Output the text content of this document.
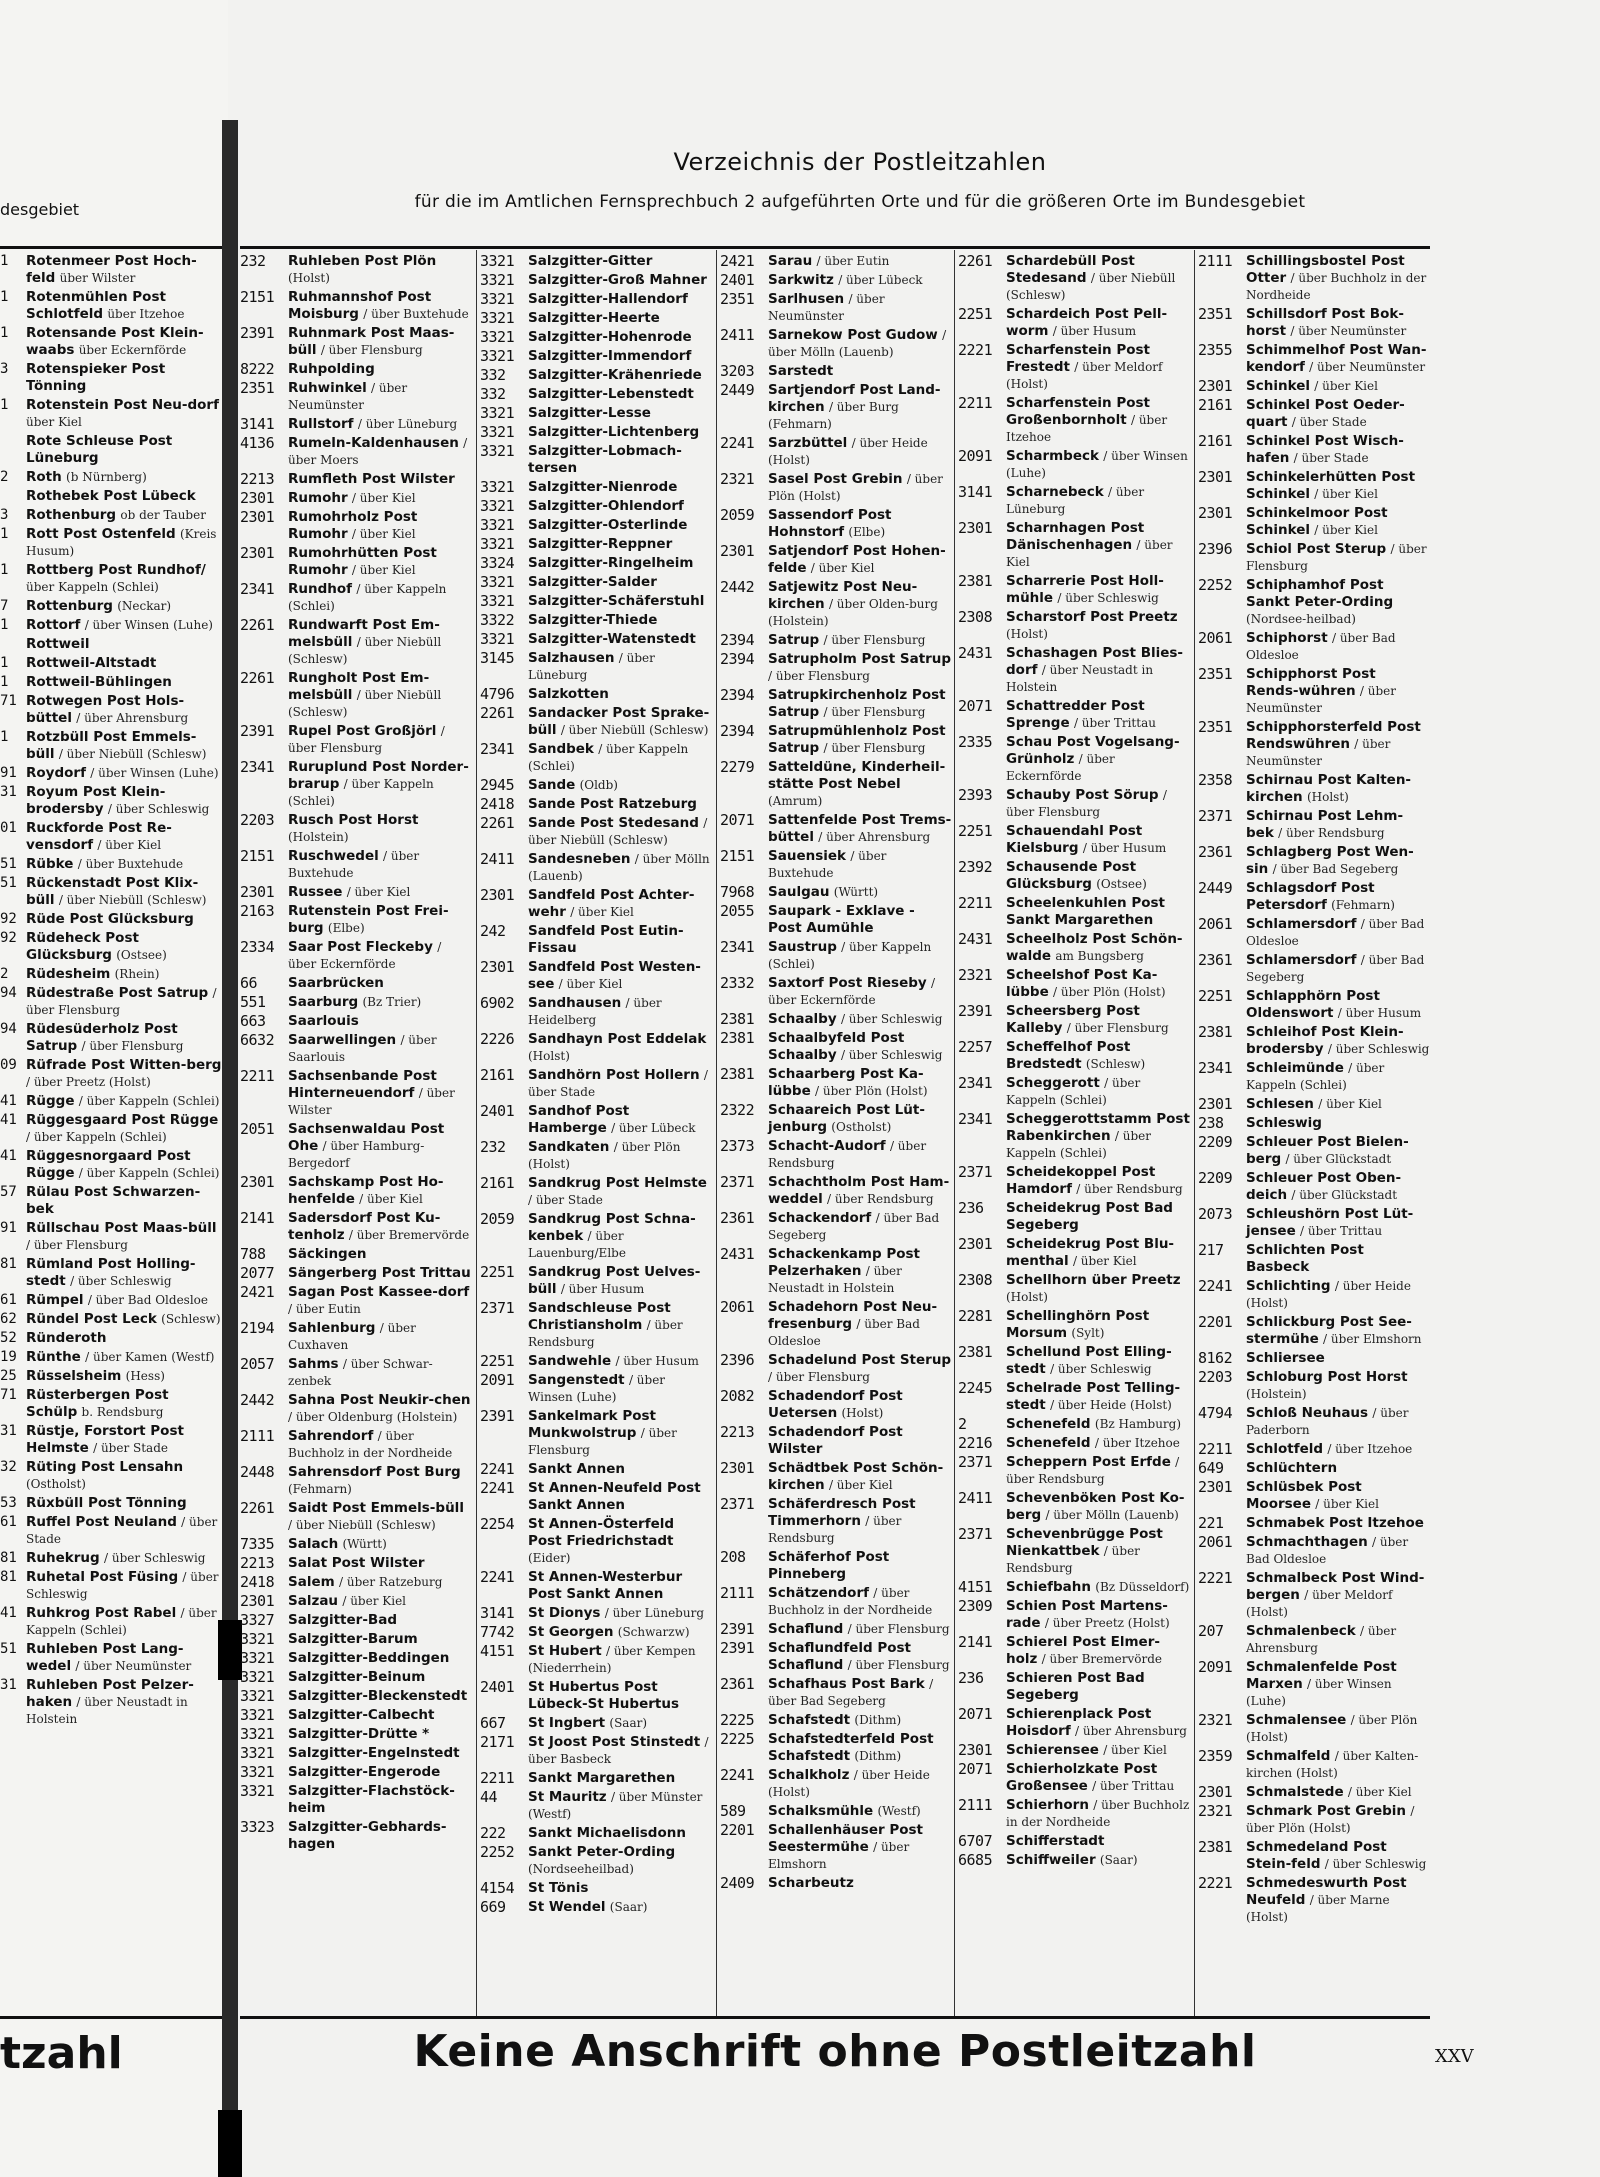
desgebiet
1	Rotenmeer Post Hoch-feld über Wilster
1	Rotenmühlen Post Schlotfeld über Itzehoe
1	Rotensande Post Klein-waabs über Eckernförde
3	Rotenspieker Post Tönning
1	Rotenstein Post Neu-dorf über Kiel
Rote Schleuse Post Lüneburg
2	Roth (b Nürnberg)
Rothebek Post Lübeck
3	Rothenburg ob der Tauber
1	Rott Post Ostenfeld (Kreis Husum)
1	Rottberg Post Rundhof/ über Kappeln (Schlei)
7	Rottenburg (Neckar)
1	Rottorf / über Winsen (Luhe)
Rottweil
1	Rottweil-Altstadt
1	Rottweil-Bühlingen
71 Rotwegen Post Hols-büttel / über Ahrensburg
1	Rotzbüll Post Emmels-büll / über Niebüll (Schlesw)
91 Roydorf / über Winsen (Luhe)
31 Royum Post Klein-brodersby / über Schleswig
01 Ruckforde Post Re-vensdorf / über Kiel
51 Rübke / über Buxtehude
51 Rückenstadt Post Klix-büll / über Niebüll (Schlesw)
92 Rüde Post Glücksburg
92 Rüdeheck Post Glücksburg (Ostsee)
2	Rüdesheim (Rhein)
94 Rüdestraße Post Satrup / über Flensburg
94 Rüdesüderholz Post Satrup / über Flensburg
09 Rüfrade Post Witten-berg / über Preetz (Holst)
41 Rügge / über Kappeln (Schlei)
41 Rüggesgaard Post Rügge / über Kappeln (Schlei)
41 Rüggesnorgaard Post Rügge / über Kappeln (Schlei)
57 Rülau Post Schwarzen-bek
91 Rüllschau Post Maas-büll / über Flensburg
81 Rümland Post Holling-stedt / über Schleswig
61 Rümpel / über Bad Oldesloe
62 Ründel Post Leck (Schlesw)
52 Ründeroth
19 Rünthe / über Kamen (Westf)
25 Rüsselsheim (Hess)
71 Rüsterbergen Post Schülp b. Rendsburg
31 Rüstje, Forstort Post Helmste / über Stade
32 Rüting Post Lensahn (Ostholst)
53 Rüxbüll Post Tönning
61 Ruffel Post Neuland / über Stade
81 Ruhekrug / über Schleswig
81 Ruhetal Post Füsing / über Schleswig
41 Ruhkrog Post Rabel / über Kappeln (Schlei)
51 Ruhleben Post Lang-wedel / über Neumünster
31 Ruhleben Post Pelzer-haken / über Neustadt in Holstein
tzahl
Verzeichnis der Postleitzahlen
für die im Amtlichen Fernsprechbuch 2 aufgeführten Orte und für die größeren Orte im Bundesgebiet
232	Ruhleben Post Plön (Holst)
2151	Ruhmannshof Post Moisburg / über Buxtehude
2391	Ruhnmark Post Maas-büll / über Flensburg
8222	Ruhpolding
2351	Ruhwinkel / über Neumünster
3141	Rullstorf / über Lüneburg
4136	Rumeln-Kaldenhausen / über Moers
2213	Rumfleth Post Wilster
2301	Rumohr / über Kiel
2301	Rumohrholz Post Rumohr / über Kiel
2301	Rumohrhütten Post Rumohr / über Kiel
2341	Rundhof / über Kappeln (Schlei)
2261	Rundwarft Post Em-melsbüll / über Niebüll (Schlesw)
2261	Rungholt Post Em-melsbüll / über Niebüll (Schlesw)
2391	Rupel Post Großjörl / über Flensburg
2341	Ruruplund Post Norder-brarup / über Kappeln (Schlei)
2203	Rusch Post Horst (Holstein)
2151	Ruschwedel / über Buxtehude
2301	Russee / über Kiel
2163	Rutenstein Post Frei-burg (Elbe)
2334	Saar Post Fleckeby / über Eckernförde
66	Saarbrücken
551	Saarburg (Bz Trier)
663	Saarlouis
6632	Saarwellingen / über Saarlouis
2211	Sachsenbande Post Hinterneuendorf / über Wilster
2051	Sachsenwaldau Post Ohe / über Hamburg-Bergedorf
2301	Sachskamp Post Ho-henfelde / über Kiel
2141	Sadersdorf Post Ku-tenholz / über Bremervörde
788	Säckingen
2077	Sängerberg Post Trittau
2421	Sagan Post Kassee-dorf / über Eutin
2194	Sahlenburg / über Cuxhaven
2057	Sahms / über Schwar-zenbek
2442	Sahna Post Neukir-chen / über Oldenburg (Holstein)
2111	Sahrendorf / über Buchholz in der Nordheide
2448	Sahrensdorf Post Burg (Fehmarn)
2261	Saidt Post Emmels-büll / über Niebüll (Schlesw)
7335	Salach (Württ)
2213	Salat Post Wilster
2418	Salem / über Ratzeburg
2301	Salzau / über Kiel
3327	Salzgitter-Bad
3321	Salzgitter-Barum
3321	Salzgitter-Beddingen
3321	Salzgitter-Beinum
3321	Salzgitter-Bleckenstedt
3321	Salzgitter-Calbecht
3321	Salzgitter-Drütte *
3321	Salzgitter-Engelnstedt
3321	Salzgitter-Engerode
3321	Salzgitter-Flachstöck-heim
3323	Salzgitter-Gebhards-hagen
3321	Salzgitter-Gitter
3321	Salzgitter-Groß Mahner
3321	Salzgitter-Hallendorf
3321	Salzgitter-Heerte
3321	Salzgitter-Hohenrode
3321	Salzgitter-Immendorf
332	Salzgitter-Krähenriede
332	Salzgitter-Lebenstedt
3321	Salzgitter-Lesse
3321	Salzgitter-Lichtenberg
3321	Salzgitter-Lobmach-tersen
3321	Salzgitter-Nienrode
3321	Salzgitter-Ohlendorf
3321	Salzgitter-Osterlinde
3321	Salzgitter-Reppner
3324	Salzgitter-Ringelheim
3321	Salzgitter-Salder
3321	Salzgitter-Schäferstuhl
3322	Salzgitter-Thiede
3321	Salzgitter-Watenstedt
3145	Salzhausen / über Lüneburg
4796	Salzkotten
2261	Sandacker Post Sprake-büll / über Niebüll (Schlesw)
2341	Sandbek / über Kappeln (Schlei)
2945	Sande (Oldb)
2418	Sande Post Ratzeburg
2261	Sande Post Stedesand / über Niebüll (Schlesw)
2411	Sandesneben / über Mölln (Lauenb)
2301	Sandfeld Post Achter-wehr / über Kiel
242	Sandfeld Post Eutin-Fissau
2301	Sandfeld Post Westen-see / über Kiel
6902	Sandhausen / über Heidelberg
2226	Sandhayn Post Eddelak (Holst)
2161	Sandhörn Post Hollern / über Stade
2401	Sandhof Post Hamberge / über Lübeck
232	Sandkaten / über Plön (Holst)
2161	Sandkrug Post Helmste / über Stade
2059	Sandkrug Post Schna-kenbek / über Lauenburg/Elbe
2251	Sandkrug Post Uelves-büll / über Husum
2371	Sandschleuse Post Christiansholm / über Rendsburg
2251	Sandwehle / über Husum
2091	Sangenstedt / über Winsen (Luhe)
2391	Sankelmark Post Munkwolstrup / über Flensburg
2241	Sankt Annen
2241	St Annen-Neufeld Post Sankt Annen
2254	St Annen-Österfeld Post Friedrichstadt (Eider)
2241	St Annen-Westerbur Post Sankt Annen
3141	St Dionys / über Lüneburg
7742	St Georgen (Schwarzw)
4151	St Hubert / über Kempen (Niederrhein)
2401	St Hubertus Post Lübeck-St Hubertus
667	St Ingbert (Saar)
2171	St Joost Post Stinstedt / über Basbeck
2211	Sankt Margarethen
44	St Mauritz / über Münster (Westf)
222	Sankt Michaelisdonn
2252	Sankt Peter-Ording (Nordseeheilbad)
4154	St Tönis
669	St Wendel (Saar)
2421	Sarau / über Eutin
2401	Sarkwitz / über Lübeck
2351	Sarlhusen / über Neumünster
2411	Sarnekow Post Gudow / über Mölln (Lauenb)
3203	Sarstedt
2449	Sartjendorf Post Land-kirchen / über Burg (Fehmarn)
2241	Sarzbüttel / über Heide (Holst)
2321	Sasel Post Grebin / über Plön (Holst)
2059	Sassendorf Post Hohnstorf (Elbe)
2301	Satjendorf Post Hohen-felde / über Kiel
2442	Satjewitz Post Neu-kirchen / über Olden-burg (Holstein)
2394	Satrup / über Flensburg
2394	Satrupholm Post Satrup / über Flensburg
2394	Satrupkirchenholz Post Satrup / über Flensburg
2394	Satrupmühlenholz Post Satrup / über Flensburg
2279	Satteldüne, Kinderheil-stätte Post Nebel (Amrum)
2071	Sattenfelde Post Trems-büttel / über Ahrensburg
2151	Sauensiek / über Buxtehude
7968	Saulgau (Württ)
2055	Saupark - Exklave - Post Aumühle
2341	Saustrup / über Kappeln (Schlei)
2332	Saxtorf Post Rieseby / über Eckernförde
2381	Schaalby / über Schleswig
2381	Schaalbyfeld Post Schaalby / über Schleswig
2381	Schaarberg Post Ka-lübbe / über Plön (Holst)
2322	Schaareich Post Lüt-jenburg (Ostholst)
2373	Schacht-Audorf / über Rendsburg
2371	Schachtholm Post Ham-weddel / über Rendsburg
2361	Schackendorf / über Bad Segeberg
2431	Schackenkamp Post Pelzerhaken / über Neustadt in Holstein
2061	Schadehorn Post Neu-fresenburg / über Bad Oldesloe
2396	Schadelund Post Sterup / über Flensburg
2082	Schadendorf Post Uetersen (Holst)
2213	Schadendorf Post Wilster
2301	Schädtbek Post Schön-kirchen / über Kiel
2371	Schäferdresch Post Timmerhorn / über Rendsburg
208	Schäferhof Post Pinneberg
2111	Schätzendorf / über Buchholz in der Nordheide
2391	Schaflund / über Flensburg
2391	Schaflundfeld Post Schaflund / über Flensburg
2361	Schafhaus Post Bark / über Bad Segeberg
2225	Schafstedt (Dithm)
2225	Schafstedterfeld Post Schafstedt (Dithm)
2241	Schalkholz / über Heide (Holst)
589	Schalksmühle (Westf)
2201	Schallenhäuser Post Seestermühe / über Elmshorn
2409	Scharbeutz
2261	Schardebüll Post Stedesand / über Niebüll (Schlesw)
2251	Schardeich Post Pell-worm / über Husum
2221	Scharfenstein Post Frestedt / über Meldorf (Holst)
2211	Scharfenstein Post Großenbornholt / über Itzehoe
2091	Scharmbeck / über Winsen (Luhe)
3141	Scharnebeck / über Lüneburg
2301	Scharnhagen Post Dänischenhagen / über Kiel
2381	Scharrerie Post Holl-mühle / über Schleswig
2308	Scharstorf Post Preetz (Holst)
2431	Schashagen Post Blies-dorf / über Neustadt in Holstein
2071	Schattredder Post Sprenge / über Trittau
2335	Schau Post Vogelsang-Grünholz / über Eckernförde
2393	Schauby Post Sörup / über Flensburg
2251	Schauendahl Post Kielsburg / über Husum
2392	Schausende Post Glücksburg (Ostsee)
2211	Scheelenkuhlen Post Sankt Margarethen
2431	Scheelholz Post Schön-walde am Bungsberg
2321	Scheelshof Post Ka-lübbe / über Plön (Holst)
2391	Scheersberg Post Kalleby / über Flensburg
2257	Scheffelhof Post Bredstedt (Schlesw)
2341	Scheggerott / über Kappeln (Schlei)
2341	Scheggerottstamm Post Rabenkirchen / über Kappeln (Schlei)
2371	Scheidekoppel Post Hamdorf / über Rendsburg
236	Scheidekrug Post Bad Segeberg
2301	Scheidekrug Post Blu-menthal / über Kiel
2308	Schellhorn über Preetz (Holst)
2281	Schellinghörn Post Morsum (Sylt)
2381	Schellund Post Elling-stedt / über Schleswig
2245	Schelrade Post Telling-stedt / über Heide (Holst)
2	Schenefeld (Bz Hamburg)
2216	Schenefeld / über Itzehoe
2371	Scheppern Post Erfde / über Rendsburg
2411	Schevenböken Post Ko-berg / über Mölln (Lauenb)
2371	Schevenbrügge Post Nienkattbek / über Rendsburg
4151	Schiefbahn (Bz Düsseldorf)
2309	Schien Post Martens-rade / über Preetz (Holst)
2141	Schierel Post Elmer-holz / über Bremervörde
236	Schieren Post Bad Segeberg
2071	Schierenplack Post Hoisdorf / über Ahrensburg
2301	Schierensee / über Kiel
2071	Schierholzkate Post Großensee / über Trittau
2111	Schierhorn / über Buchholz in der Nordheide
6707	Schifferstadt
6685	Schiffweiler (Saar)
2111	Schillingsbostel Post Otter / über Buchholz in der Nordheide
2351	Schillsdorf Post Bok-horst / über Neumünster
2355	Schimmelhof Post Wan-kendorf / über Neumünster
2301	Schinkel / über Kiel
2161	Schinkel Post Oeder-quart / über Stade
2161	Schinkel Post Wisch-hafen / über Stade
2301	Schinkelerhütten Post Schinkel / über Kiel
2301	Schinkelmoor Post Schinkel / über Kiel
2396	Schiol Post Sterup / über Flensburg
2252	Schiphamhof Post Sankt Peter-Ording (Nordsee-heilbad)
2061	Schiphorst / über Bad Oldesloe
2351	Schipphorst Post Rends-wühren / über Neumünster
2351	Schipphorsterfeld Post Rendswühren / über Neumünster
2358	Schirnau Post Kalten-kirchen (Holst)
2371	Schirnau Post Lehm-bek / über Rendsburg
2361	Schlagberg Post Wen-sin / über Bad Segeberg
2449	Schlagsdorf Post Petersdorf (Fehmarn)
2061	Schlamersdorf / über Bad Oldesloe
2361	Schlamersdorf / über Bad Segeberg
2251	Schlapphörn Post Oldenswort / über Husum
2381	Schleihof Post Klein-brodersby / über Schleswig
2341	Schleimünde / über Kappeln (Schlei)
2301	Schlesen / über Kiel
238	Schleswig
2209	Schleuer Post Bielen-berg / über Glückstadt
2209	Schleuer Post Oben-deich / über Glückstadt
2073	Schleushörn Post Lüt-jensee / über Trittau
217	Schlichten Post Basbeck
2241	Schlichting / über Heide (Holst)
2201	Schlickburg Post See-stermühe / über Elmshorn
8162	Schliersee
2203	Schloburg Post Horst (Holstein)
4794	Schloß Neuhaus / über Paderborn
2211	Schlotfeld / über Itzehoe
649	Schlüchtern
2301	Schlüsbek Post Moorsee / über Kiel
221	Schmabek Post Itzehoe
2061	Schmachthagen / über Bad Oldesloe
2221	Schmalbeck Post Wind-bergen / über Meldorf (Holst)
207	Schmalenbeck / über Ahrensburg
2091	Schmalenfelde Post Marxen / über Winsen (Luhe)
2321	Schmalensee / über Plön (Holst)
2359	Schmalfeld / über Kalten-kirchen (Holst)
2301	Schmalstede / über Kiel
2321	Schmark Post Grebin / über Plön (Holst)
2381	Schmedeland Post Stein-feld / über Schleswig
2221	Schmedeswurth Post Neufeld / über Marne (Holst)
Keine Anschrift ohne Postleitzahl	XXV
